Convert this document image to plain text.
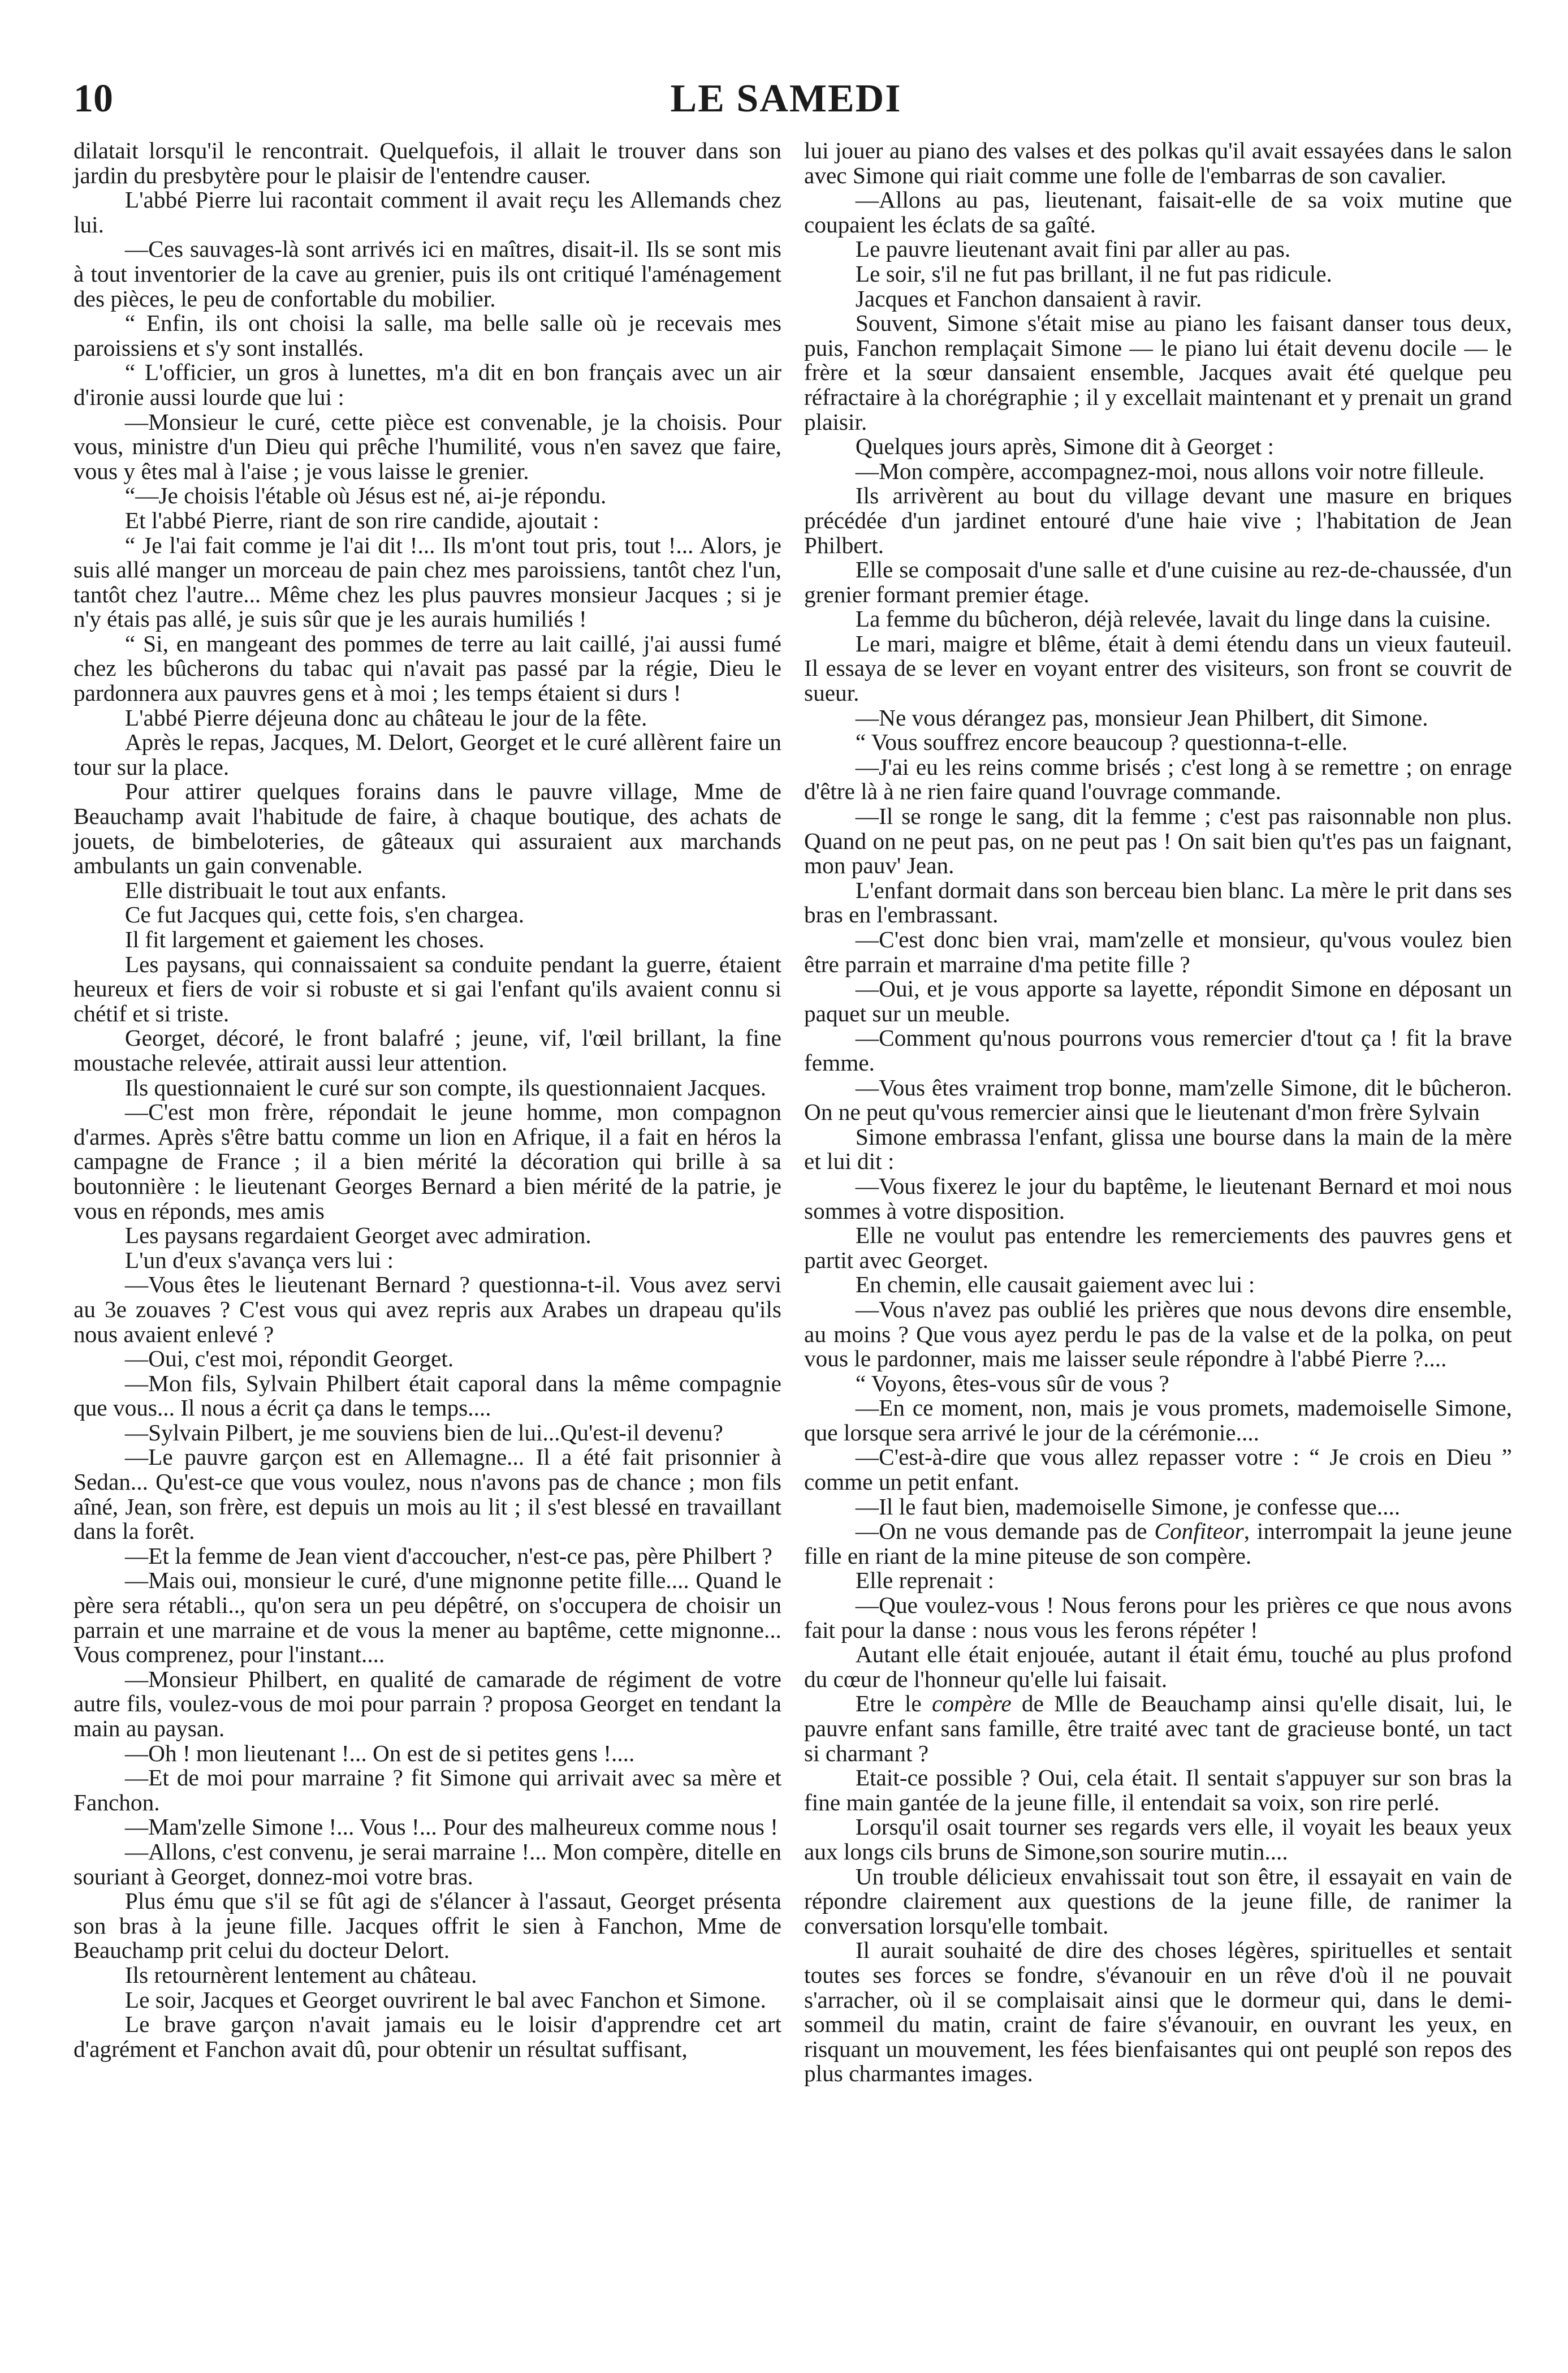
10	LE SAMEDI

dilatait lorsqu'il le rencontrait. Quelquefois, il allait le trouver dans son jardin du presbytère pour le plaisir de l'entendre causer.

L'abbé Pierre lui racontait comment il avait reçu les Allemands chez lui.

—Ces sauvages-là sont arrivés ici en maîtres, disait-il. Ils se sont mis à tout inventorier de la cave au grenier, puis ils ont critiqué l'aménagement des pièces, le peu de confortable du mobilier.

“ Enfin, ils ont choisi la salle, ma belle salle où je recevais mes paroissiens et s'y sont installés.

“ L'officier, un gros à lunettes, m'a dit en bon français avec un air d'ironie aussi lourde que lui :

—Monsieur le curé, cette pièce est convenable, je la choisis. Pour vous, ministre d'un Dieu qui prêche l'humilité, vous n'en savez que faire, vous y êtes mal à l'aise ; je vous laisse le grenier.

“—Je choisis l'étable où Jésus est né, ai-je répondu.

Et l'abbé Pierre, riant de son rire candide, ajoutait :

“ Je l'ai fait comme je l'ai dit !... Ils m'ont tout pris, tout !... Alors, je suis allé manger un morceau de pain chez mes paroissiens, tantôt chez l'un, tantôt chez l'autre... Même chez les plus pauvres monsieur Jacques ; si je n'y étais pas allé, je suis sûr que je les aurais humiliés !

“ Si, en mangeant des pommes de terre au lait caillé, j'ai aussi fumé chez les bûcherons du tabac qui n'avait pas passé par la régie, Dieu le pardonnera aux pauvres gens et à moi ; les temps étaient si durs !

L'abbé Pierre déjeuna donc au château le jour de la fête.

Après le repas, Jacques, M. Delort, Georget et le curé allèrent faire un tour sur la place.

Pour attirer quelques forains dans le pauvre village, Mme de Beauchamp avait l'habitude de faire, à chaque boutique, des achats de jouets, de bimbeloteries, de gâteaux qui assuraient aux marchands ambulants un gain convenable.

Elle distribuait le tout aux enfants.

Ce fut Jacques qui, cette fois, s'en chargea.

Il fit largement et gaiement les choses.

Les paysans, qui connaissaient sa conduite pendant la guerre, étaient heureux et fiers de voir si robuste et si gai l'enfant qu'ils avaient connu si chétif et si triste.

Georget, décoré, le front balafré ; jeune, vif, l'œil brillant, la fine moustache relevée, attirait aussi leur attention.

Ils questionnaient le curé sur son compte, ils questionnaient Jacques.

—C'est mon frère, répondait le jeune homme, mon compagnon d'armes. Après s'être battu comme un lion en Afrique, il a fait en héros la campagne de France ; il a bien mérité la décoration qui brille à sa boutonnière : le lieutenant Georges Bernard a bien mérité de la patrie, je vous en réponds, mes amis

Les paysans regardaient Georget avec admiration.

L'un d'eux s'avança vers lui :

—Vous êtes le lieutenant Bernard ? questionna-t-il. Vous avez servi au 3e zouaves ? C'est vous qui avez repris aux Arabes un drapeau qu'ils nous avaient enlevé ?

—Oui, c'est moi, répondit Georget.

—Mon fils, Sylvain Philbert était caporal dans la même compagnie que vous... Il nous a écrit ça dans le temps....

—Sylvain Pilbert, je me souviens bien de lui...Qu'est-il devenu?

—Le pauvre garçon est en Allemagne... Il a été fait prisonnier à Sedan... Qu'est-ce que vous voulez, nous n'avons pas de chance ; mon fils aîné, Jean, son frère, est depuis un mois au lit ; il s'est blessé en travaillant dans la forêt.

—Et la femme de Jean vient d'accoucher, n'est-ce pas, père Philbert ?

—Mais oui, monsieur le curé, d'une mignonne petite fille.... Quand le père sera rétabli.., qu'on sera un peu dépêtré, on s'occupera de choisir un parrain et une marraine et de vous la mener au baptême, cette mignonne... Vous comprenez, pour l'instant....

—Monsieur Philbert, en qualité de camarade de régiment de votre autre fils, voulez-vous de moi pour parrain ? proposa Georget en tendant la main au paysan.

—Oh ! mon lieutenant !... On est de si petites gens !....

—Et de moi pour marraine ? fit Simone qui arrivait avec sa mère et Fanchon.

—Mam'zelle Simone !... Vous !... Pour des malheureux comme nous !

—Allons, c'est convenu, je serai marraine !... Mon compère, ditelle en souriant à Georget, donnez-moi votre bras.

Plus ému que s'il se fût agi de s'élancer à l'assaut, Georget présenta son bras à la jeune fille. Jacques offrit le sien à Fanchon, Mme de Beauchamp prit celui du docteur Delort.

Ils retournèrent lentement au château.

Le soir, Jacques et Georget ouvrirent le bal avec Fanchon et Simone.

Le brave garçon n'avait jamais eu le loisir d'apprendre cet art d'agrément et Fanchon avait dû, pour obtenir un résultat suffisant,

lui jouer au piano des valses et des polkas qu'il avait essayées dans le salon avec Simone qui riait comme une folle de l'embarras de son cavalier.

—Allons au pas, lieutenant, faisait-elle de sa voix mutine que coupaient les éclats de sa gaîté.

Le pauvre lieutenant avait fini par aller au pas.

Le soir, s'il ne fut pas brillant, il ne fut pas ridicule.

Jacques et Fanchon dansaient à ravir.

Souvent, Simone s'était mise au piano les faisant danser tous deux, puis, Fanchon remplaçait Simone — le piano lui était devenu docile — le frère et la sœur dansaient ensemble, Jacques avait été quelque peu réfractaire à la chorégraphie ; il y excellait maintenant et y prenait un grand plaisir.

Quelques jours après, Simone dit à Georget :

—Mon compère, accompagnez-moi, nous allons voir notre filleule.

Ils arrivèrent au bout du village devant une masure en briques précédée d'un jardinet entouré d'une haie vive ; l'habitation de Jean Philbert.

Elle se composait d'une salle et d'une cuisine au rez-de-chaussée, d'un grenier formant premier étage.

La femme du bûcheron, déjà relevée, lavait du linge dans la cuisine.

Le mari, maigre et blême, était à demi étendu dans un vieux fauteuil. Il essaya de se lever en voyant entrer des visiteurs, son front se couvrit de sueur.

—Ne vous dérangez pas, monsieur Jean Philbert, dit Simone.

“ Vous souffrez encore beaucoup ? questionna-t-elle.

—J'ai eu les reins comme brisés ; c'est long à se remettre ; on enrage d'être là à ne rien faire quand l'ouvrage commande.

—Il se ronge le sang, dit la femme ; c'est pas raisonnable non plus. Quand on ne peut pas, on ne peut pas ! On sait bien qu't'es pas un faignant, mon pauv' Jean.

L'enfant dormait dans son berceau bien blanc. La mère le prit dans ses bras en l'embrassant.

—C'est donc bien vrai, mam'zelle et monsieur, qu'vous voulez bien être parrain et marraine d'ma petite fille ?

—Oui, et je vous apporte sa layette, répondit Simone en déposant un paquet sur un meuble.

—Comment qu'nous pourrons vous remercier d'tout ça ! fit la brave femme.

—Vous êtes vraiment trop bonne, mam'zelle Simone, dit le bûcheron. On ne peut qu'vous remercier ainsi que le lieutenant d'mon frère Sylvain

Simone embrassa l'enfant, glissa une bourse dans la main de la mère et lui dit :

—Vous fixerez le jour du baptême, le lieutenant Bernard et moi nous sommes à votre disposition.

Elle ne voulut pas entendre les remerciements des pauvres gens et partit avec Georget.

En chemin, elle causait gaiement avec lui :

—Vous n'avez pas oublié les prières que nous devons dire ensemble, au moins ? Que vous ayez perdu le pas de la valse et de la polka, on peut vous le pardonner, mais me laisser seule répondre à l'abbé Pierre ?....

“ Voyons, êtes-vous sûr de vous ?

—En ce moment, non, mais je vous promets, mademoiselle Simone, que lorsque sera arrivé le jour de la cérémonie....

—C'est-à-dire que vous allez repasser votre : “ Je crois en Dieu ” comme un petit enfant.

—Il le faut bien, mademoiselle Simone, je confesse que....

—On ne vous demande pas de Confiteor, interrompait la jeune jeune fille en riant de la mine piteuse de son compère.

Elle reprenait :

—Que voulez-vous ! Nous ferons pour les prières ce que nous avons fait pour la danse : nous vous les ferons répéter !

Autant elle était enjouée, autant il était ému, touché au plus profond du cœur de l'honneur qu'elle lui faisait.

Etre le compère de Mlle de Beauchamp ainsi qu'elle disait, lui, le pauvre enfant sans famille, être traité avec tant de gracieuse bonté, un tact si charmant ?

Etait-ce possible ? Oui, cela était. Il sentait s'appuyer sur son bras la fine main gantée de la jeune fille, il entendait sa voix, son rire perlé.

Lorsqu'il osait tourner ses regards vers elle, il voyait les beaux yeux aux longs cils bruns de Simone,son sourire mutin....

Un trouble délicieux envahissait tout son être, il essayait en vain de répondre clairement aux questions de la jeune fille, de ranimer la conversation lorsqu'elle tombait.

Il aurait souhaité de dire des choses légères, spirituelles et sentait toutes ses forces se fondre, s'évanouir en un rêve d'où il ne pouvait s'arracher, où il se complaisait ainsi que le dormeur qui, dans le demi-sommeil du matin, craint de faire s'évanouir, en ouvrant les yeux, en risquant un mouvement, les fées bienfaisantes qui ont peuplé son repos des plus charmantes images.
